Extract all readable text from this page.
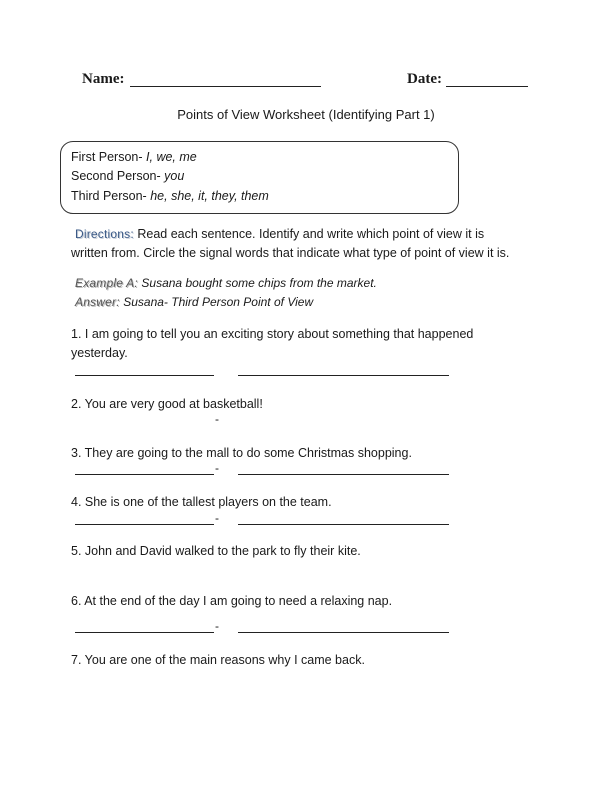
Name:	Date:
Points of View Worksheet (Identifying Part 1)
First Person- I, we, me
Second Person- you
Third Person- he, she, it, they, them
Directions: Read each sentence. Identify and write which point of view it is
written from. Circle the signal words that indicate what type of point of view it is.
Example A: Susana bought some chips from the market.
Answer: Susana- Third Person Point of View
1. I am going to tell you an exciting story about something that happened
yesterday.
2. You are very good at basketball!
-
3. They are going to the mall to do some Christmas shopping.
-
4. She is one of the tallest players on the team.
-
5. John and David walked to the park to fly their kite.
6. At the end of the day I am going to need a relaxing nap.
-
7. You are one of the main reasons why I came back.
